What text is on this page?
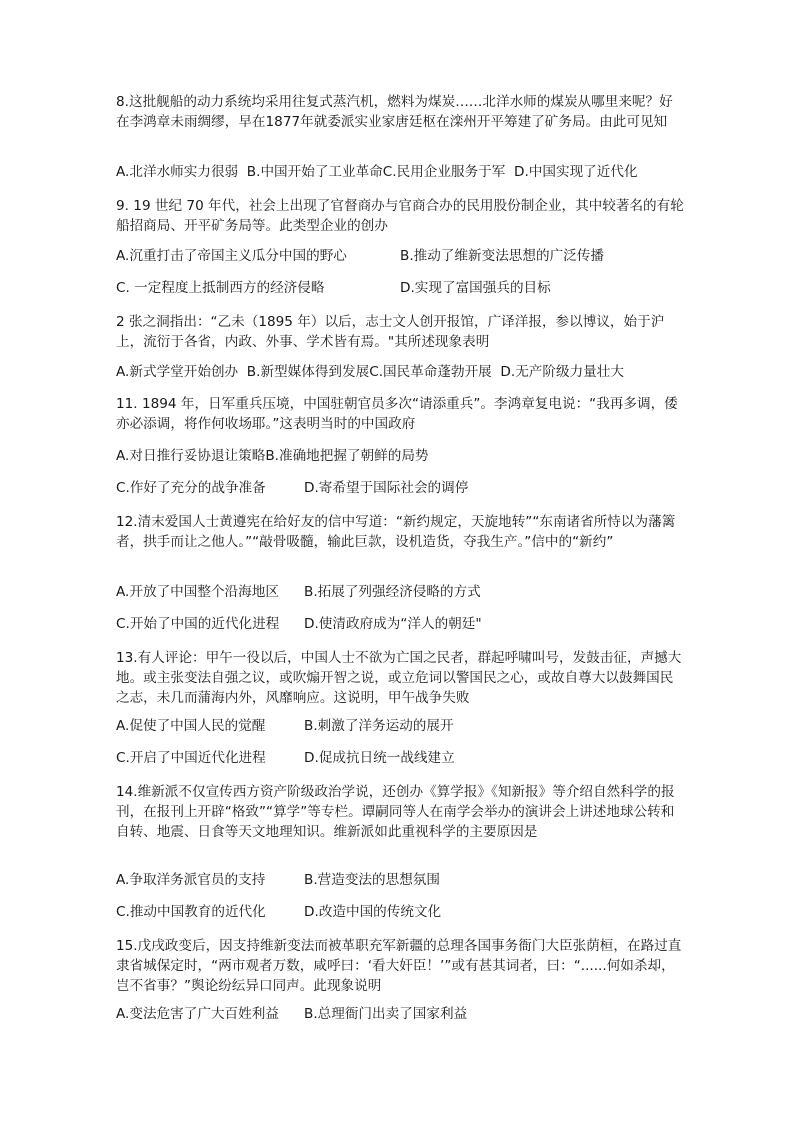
8.这批舰船的动力系统均采用往复式蒸汽机，燃料为煤炭……北洋水师的煤炭从哪里来呢？好在李鸿章未雨绸缪，早在1877年就委派实业家唐廷枢在滦州开平筹建了矿务局。由此可见知

A.北洋水师实力很弱 B.中国开始了工业革命C.民用企业服务于军 D.中国实现了近代化

9. 19 世纪 70 年代，社会上出现了官督商办与官商合办的民用股份制企业，其中较著名的有轮船招商局、开平矿务局等。此类型企业的创办

A.沉重打击了帝国主义瓜分中国的野心	B.推动了维新变法思想的广泛传播

C. 一定程度上抵制西方的经济侵略	D.实现了富国强兵的目标

2 张之洞指出：“乙未（1895 年）以后，志士文人创开报馆，广译洋报，参以博议，始于沪上，流衍于各省，内政、外事、学术皆有焉。"其所述现象表明

A.新式学堂开始创办 B.新型媒体得到发展C.国民革命蓬勃开展 D.无产阶级力量壮大

11. 1894 年，日军重兵压境，中国驻朝官员多次“请添重兵”。李鸿章复电说：“我再多调，倭亦必添调，将作何收场耶。”这表明当时的中国政府

A.对日推行妥协退让策略B.准确地把握了朝鲜的局势

C.作好了充分的战争准备	D.寄希望于国际社会的调停

12.清末爱国人士黄遵宪在给好友的信中写道：“新约规定，天旋地转”“东南诸省所恃以为藩篱者，拱手而让之他人。”“敲骨吸髓，输此巨款，设机造货，夺我生产。”信中的“新约”

A.开放了中国整个沿海地区 B.拓展了列强经济侵略的方式

C.开始了中国的近代化进程 D.使清政府成为“洋人的朝廷"

13.有人评论：甲午一役以后，中国人士不欲为亡国之民者，群起呼啸叫号，发鼓击征，声撼大地。或主张变法自强之议，或吹煽开智之说，或立危词以警国民之心，或故自尊大以鼓舞国民之志，未几而蒲海内外，风靡响应。这说明，甲午战争失败

A.促使了中国人民的觉醒	B.刺激了洋务运动的展开

C.开启了中国近代化进程	D.促成抗日统一战线建立

14.维新派不仅宣传西方资产阶级政治学说，还创办《算学报》《知新报》等介绍自然科学的报刊，在报刊上开辟“格致”“算学”等专栏。谭嗣同等人在南学会举办的演讲会上讲述地球公转和自转、地震、日食等天文地理知识。维新派如此重视科学的主要原因是

A.争取洋务派官员的支持	B.营造变法的思想氛围

C.推动中国教育的近代化	D.改造中国的传统文化

15.戊戌政变后，因支持维新变法而被革职充军新疆的总理各国事务衙门大臣张荫桓，在路过直隶省城保定时，“两市观者万数，咸呼曰：‘看大奸臣！’”或有甚其词者，曰：“......何如杀却，岂不省事？”舆论纷纭异口同声。此现象说明

A.变法危害了广大百姓利益 B.总理衙门出卖了国家利益
